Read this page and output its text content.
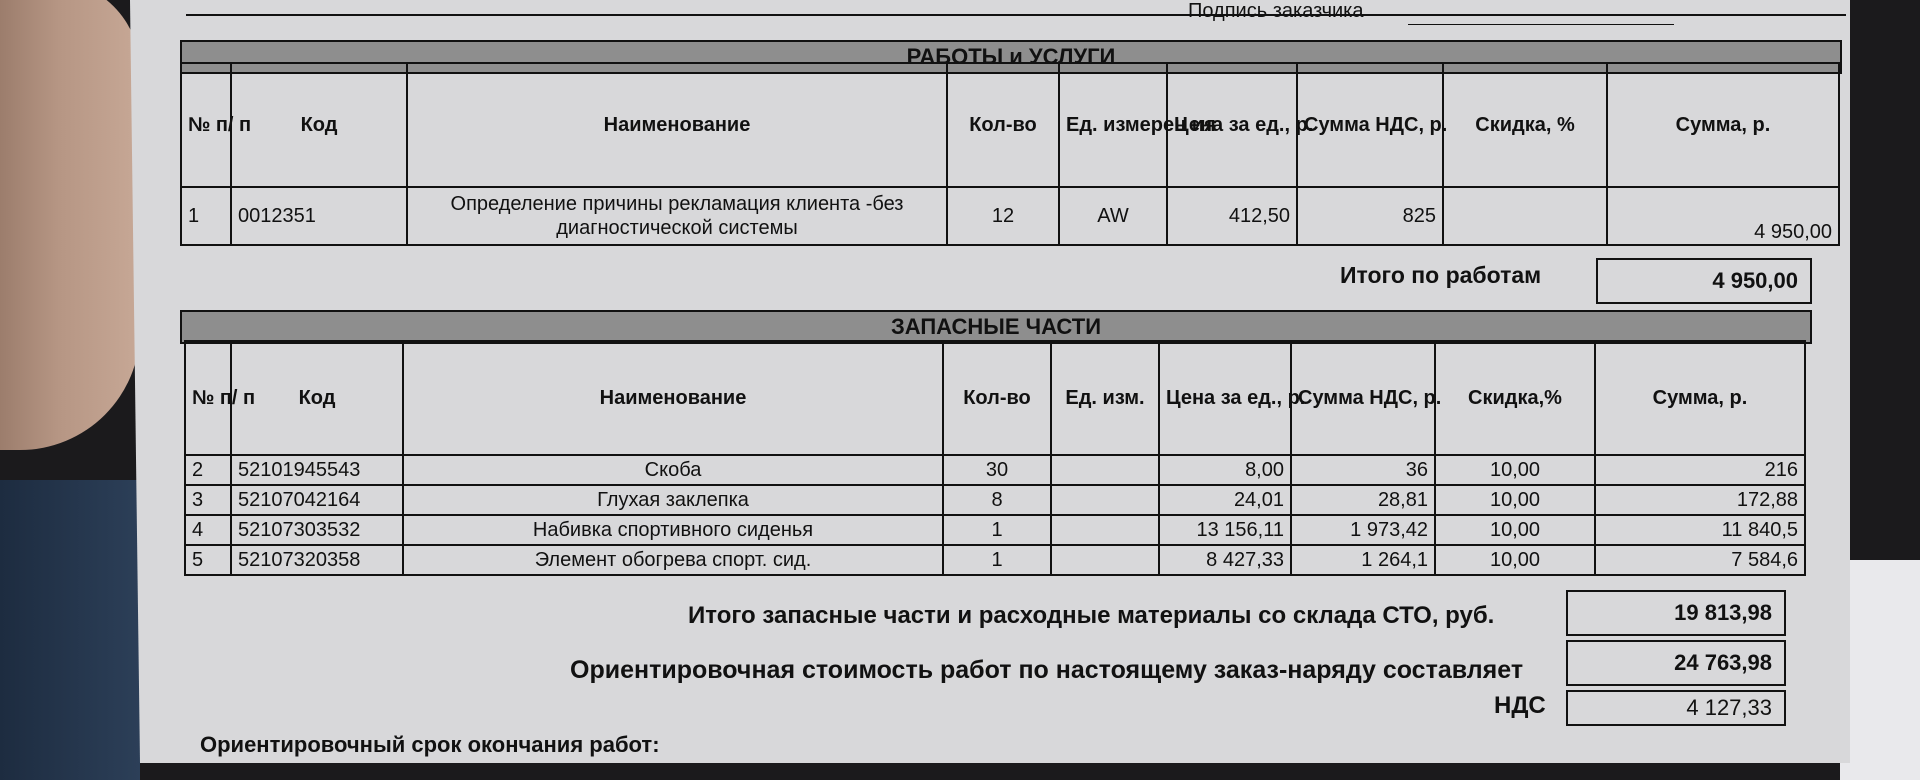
Подпись заказчика
РАБОТЫ и УСЛУГИ
№ п/ п	Код	Наименование	Кол-во	Ед. измерен ия	Цена за ед., р.	Сумма НДС, р.	Скидка, %	Сумма, р.
1	0012351	Определение причины рекламация клиента -без диагностической системы	12	AW	412,50	825		4 950,00
Итого по работам	4 950,00
ЗАПАСНЫЕ ЧАСТИ
№ п/ п	Код	Наименование	Кол-во	Ед. изм.	Цена за ед., р.	Сумма НДС, р.	Скидка,%	Сумма, р.
2	52101945543	Скоба	30		8,00	36	10,00	216
3	52107042164	Глухая заклепка	8		24,01	28,81	10,00	172,88
4	52107303532	Набивка спортивного сиденья	1		13 156,11	1 973,42	10,00	11 840,5
5	52107320358	Элемент обогрева спорт. сид.	1		8 427,33	1 264,1	10,00	7 584,6
Итого запасные части и расходные материалы со склада СТО, руб.	19 813,98
Ориентировочная стоимость работ по настоящему заказ-наряду составляет	24 763,98
НДС	4 127,33
Ориентировочный срок окончания работ:
